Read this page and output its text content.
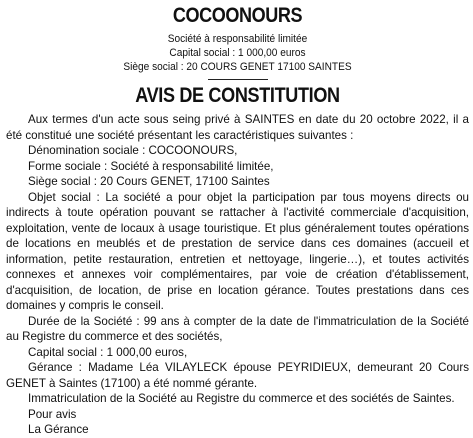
COCOONOURS
Société à responsabilité limitée
Capital social : 1 000,00 euros
Siège social : 20 COURS GENET 17100 SAINTES
AVIS DE CONSTITUTION

Aux termes d'un acte sous seing privé à SAINTES en date du 20 octobre 2022, il a été constitué une société présentant les caractéristiques suivantes :

Dénomination sociale : COCOONOURS,

Forme sociale : Société à responsabilité limitée,

Siège social : 20 Cours GENET, 17100 Saintes

Objet social : La société a pour objet la participation par tous moyens directs ou indirects à toute opération pouvant se rattacher à l'activité commerciale d'acquisition, exploitation, vente de locaux à usage touristique. Et plus généralement toutes opérations de locations en meublés et de prestation de service dans ces domaines (accueil et information, petite restauration, entretien et nettoyage, lingerie…), et toutes activités connexes et annexes voir complémentaires, par voie de création d'établissement, d'acquisition, de location, de prise en location gérance. Toutes prestations dans ces domaines y compris le conseil.

Durée de la Société : 99 ans à compter de la date de l'immatriculation de la Société au Registre du commerce et des sociétés,

Capital social : 1 000,00 euros,

Gérance : Madame Léa VILAYLECK épouse PEYRIDIEUX, demeurant 20 Cours GENET à Saintes (17100) a été nommé gérante.

Immatriculation de la Société au Registre du commerce et des sociétés de Saintes.

Pour avis

La Gérance
